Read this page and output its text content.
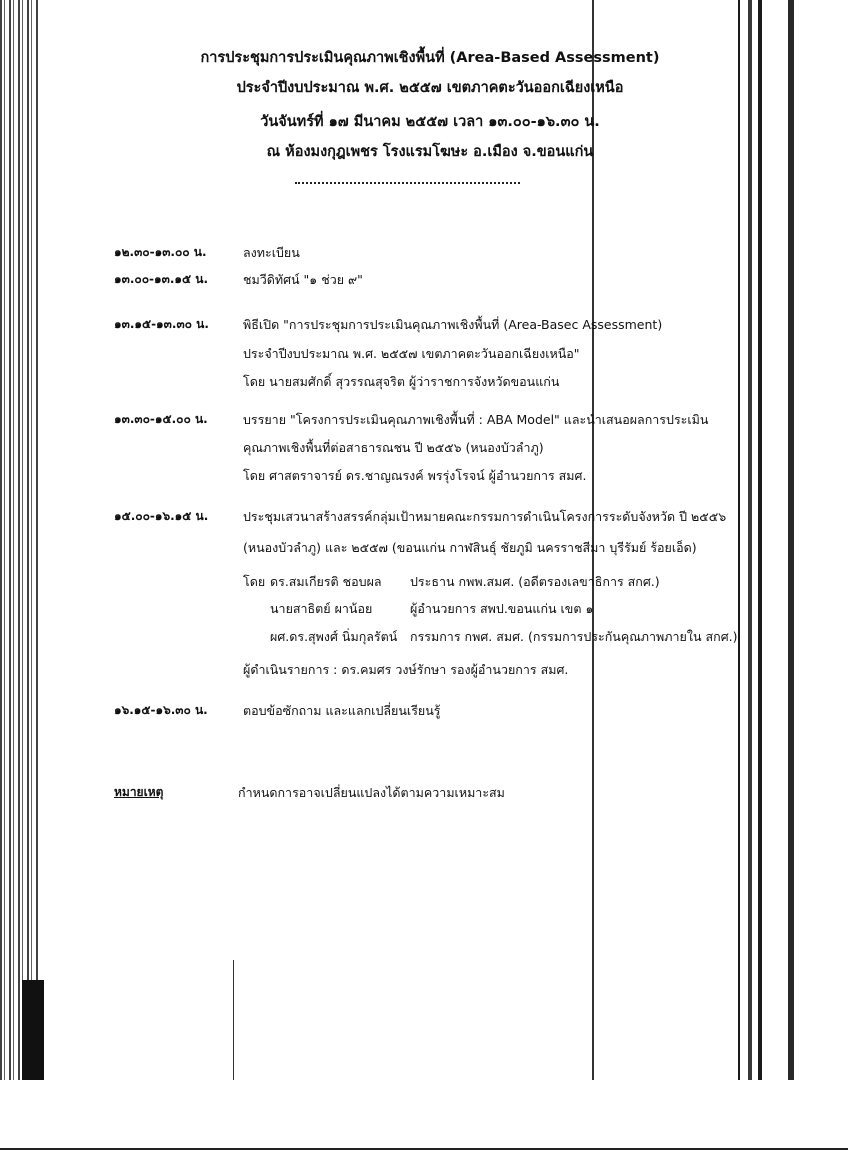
การประชุมการประเมินคุณภาพเชิงพื้นที่ (Area-Based Assessment)
ประจำปีงบประมาณ พ.ศ. ๒๕๕๗ เขตภาคตะวันออกเฉียงเหนือ
วันจันทร์ที่ ๑๗ มีนาคม ๒๕๕๗ เวลา ๑๓.๐๐-๑๖.๓๐ น.
ณ ห้องมงกุฎเพชร โรงแรมโฆษะ อ.เมือง จ.ขอนแก่น
๑๒.๓๐-๑๓.๐๐ น.	ลงทะเบียน
๑๓.๐๐-๑๓.๑๕ น.	ชมวีดิทัศน์ "๑ ช่วย ๙"
๑๓.๑๕-๑๓.๓๐ น.	พิธีเปิด "การประชุมการประเมินคุณภาพเชิงพื้นที่ (Area-Basec Assessment)
ประจำปีงบประมาณ พ.ศ. ๒๕๕๗ เขตภาคตะวันออกเฉียงเหนือ"
โดย นายสมศักดิ์ สุวรรณสุจริต ผู้ว่าราชการจังหวัดขอนแก่น
๑๓.๓๐-๑๕.๐๐ น.	บรรยาย "โครงการประเมินคุณภาพเชิงพื้นที่ : ABA Model" และนำเสนอผลการประเมิน
คุณภาพเชิงพื้นที่ต่อสาธารณชน ปี ๒๕๕๖ (หนองบัวลำภู)
โดย ศาสตราจารย์ ดร.ชาญณรงค์ พรรุ่งโรจน์ ผู้อำนวยการ สมศ.
๑๕.๐๐-๑๖.๑๕ น.	ประชุมเสวนาสร้างสรรค์กลุ่มเป้าหมายคณะกรรมการดำเนินโครงการระดับจังหวัด ปี ๒๕๕๖
(หนองบัวลำภู) และ ๒๕๕๗ (ขอนแก่น กาฬสินธุ์ ชัยภูมิ นครราชสีมา บุรีรัมย์ ร้อยเอ็ด)
โดย ดร.สมเกียรติ ชอบผล ประธาน กพพ.สมศ. (อดีตรองเลขาธิการ สกศ.)
นายสาธิตย์ ผาน้อย	ผู้อำนวยการ สพป.ขอนแก่น เขต ๑
ผศ.ดร.สุพงศ์ นิ่มกุลรัตน์ กรรมการ กพศ. สมศ. (กรรมการประกันคุณภาพภายใน สกศ.)
ผู้ดำเนินรายการ : ดร.คมศร วงษ์รักษา รองผู้อำนวยการ สมศ.
๑๖.๑๕-๑๖.๓๐ น.	ตอบข้อซักถาม และแลกเปลี่ยนเรียนรู้
หมายเหตุ	กำหนดการอาจเปลี่ยนแปลงได้ตามความเหมาะสม
